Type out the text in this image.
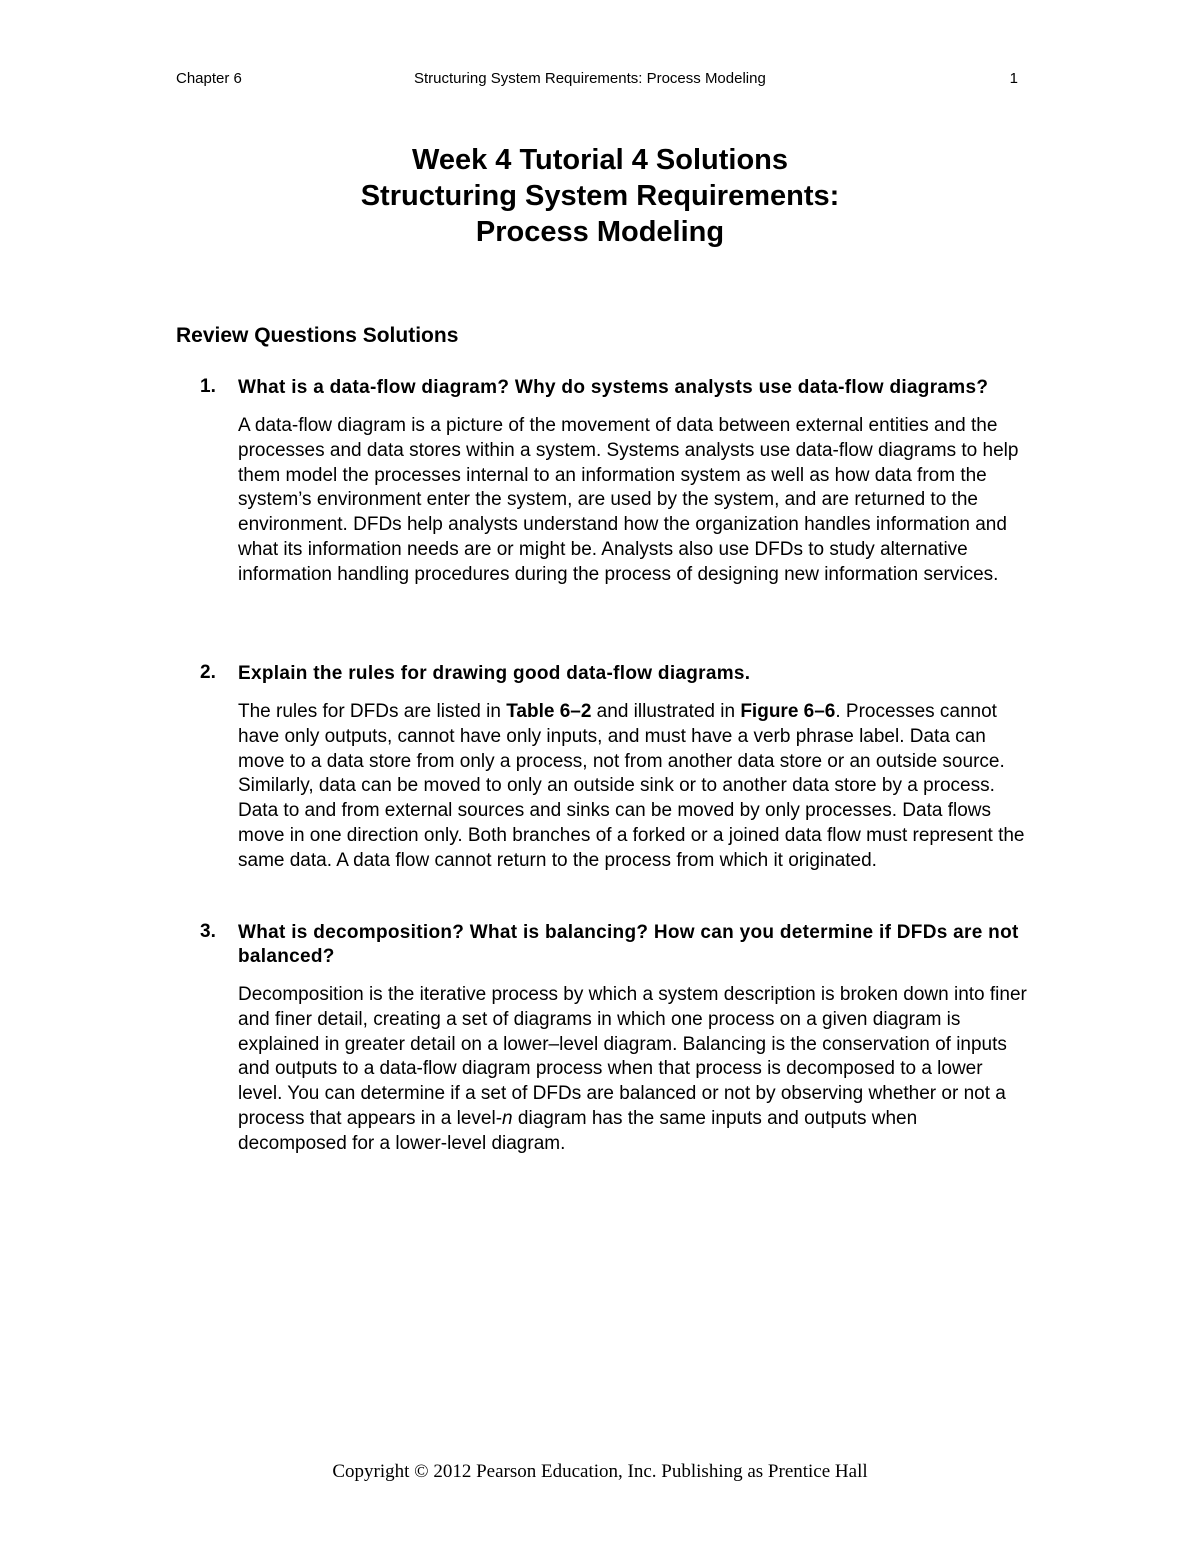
Chapter 6	Structuring System Requirements: Process Modeling	1
Week 4 Tutorial 4 Solutions
Structuring System Requirements:
Process Modeling
Review Questions Solutions
1. What is a data-flow diagram? Why do systems analysts use data-flow diagrams?
A data-flow diagram is a picture of the movement of data between external entities and the processes and data stores within a system. Systems analysts use data-flow diagrams to help them model the processes internal to an information system as well as how data from the system’s environment enter the system, are used by the system, and are returned to the environment. DFDs help analysts understand how the organization handles information and what its information needs are or might be. Analysts also use DFDs to study alternative information handling procedures during the process of designing new information services.
2. Explain the rules for drawing good data-flow diagrams.
The rules for DFDs are listed in Table 6–2 and illustrated in Figure 6–6. Processes cannot have only outputs, cannot have only inputs, and must have a verb phrase label. Data can move to a data store from only a process, not from another data store or an outside source. Similarly, data can be moved to only an outside sink or to another data store by a process. Data to and from external sources and sinks can be moved by only processes. Data flows move in one direction only. Both branches of a forked or a joined data flow must represent the same data. A data flow cannot return to the process from which it originated.
3. What is decomposition? What is balancing? How can you determine if DFDs are not balanced?
Decomposition is the iterative process by which a system description is broken down into finer and finer detail, creating a set of diagrams in which one process on a given diagram is explained in greater detail on a lower–level diagram. Balancing is the conservation of inputs and outputs to a data-flow diagram process when that process is decomposed to a lower level. You can determine if a set of DFDs are balanced or not by observing whether or not a process that appears in a level-n diagram has the same inputs and outputs when decomposed for a lower-level diagram.
Copyright © 2012 Pearson Education, Inc. Publishing as Prentice Hall
